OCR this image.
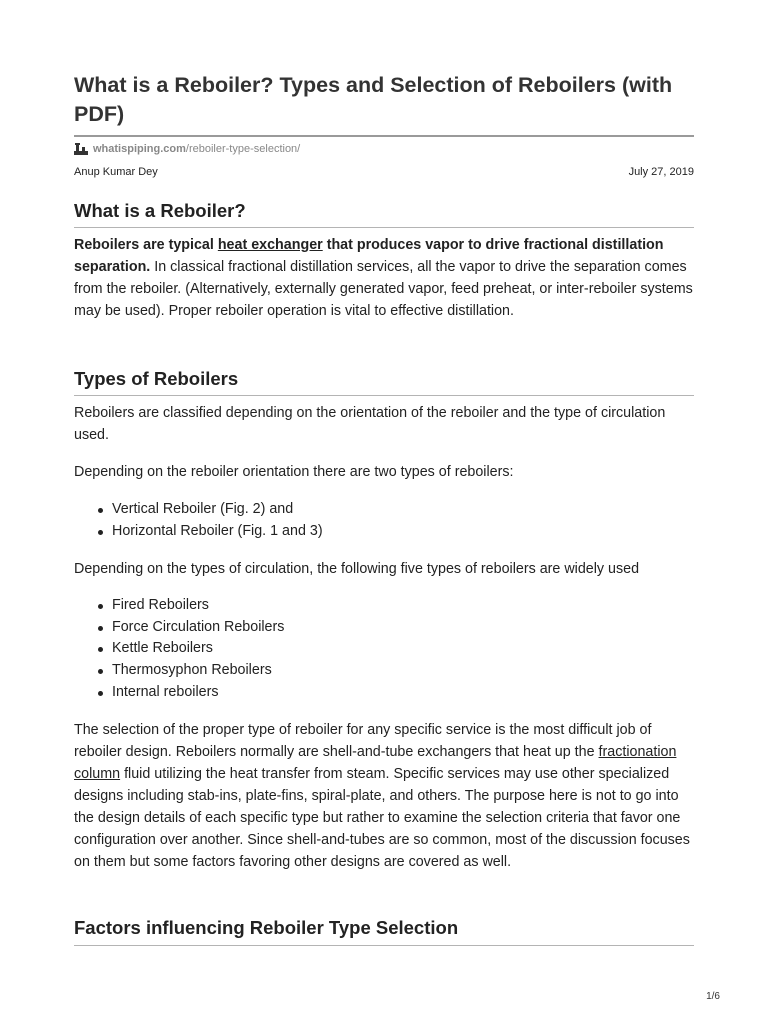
What is a Reboiler? Types and Selection of Reboilers (with PDF)
whatispiping.com /reboiler-type-selection/
Anup Kumar Dey	July 27, 2019
What is a Reboiler?

Reboilers are typical heat exchanger that produces vapor to drive fractional distillation separation. In classical fractional distillation services, all the vapor to drive the separation comes from the reboiler. (Alternatively, externally generated vapor, feed preheat, or inter-reboiler systems may be used). Proper reboiler operation is vital to effective distillation.

Types of Reboilers

Reboilers are classified depending on the orientation of the reboiler and the type of circulation used.

Depending on the reboiler orientation there are two types of reboilers:

Vertical Reboiler (Fig. 2) and
Horizontal Reboiler (Fig. 1 and 3)

Depending on the types of circulation, the following five types of reboilers are widely used

Fired Reboilers
Force Circulation Reboilers
Kettle Reboilers
Thermosyphon Reboilers
Internal reboilers

The selection of the proper type of reboiler for any specific service is the most difficult job of reboiler design. Reboilers normally are shell-and-tube exchangers that heat up the fractionation column fluid utilizing the heat transfer from steam. Specific services may use other specialized designs including stab-ins, plate-fins, spiral-plate, and others. The purpose here is not to go into the design details of each specific type but rather to examine the selection criteria that favor one configuration over another. Since shell-and-tubes are so common, most of the discussion focuses on them but some factors favoring other designs are covered as well.

Factors influencing Reboiler Type Selection
1/6
